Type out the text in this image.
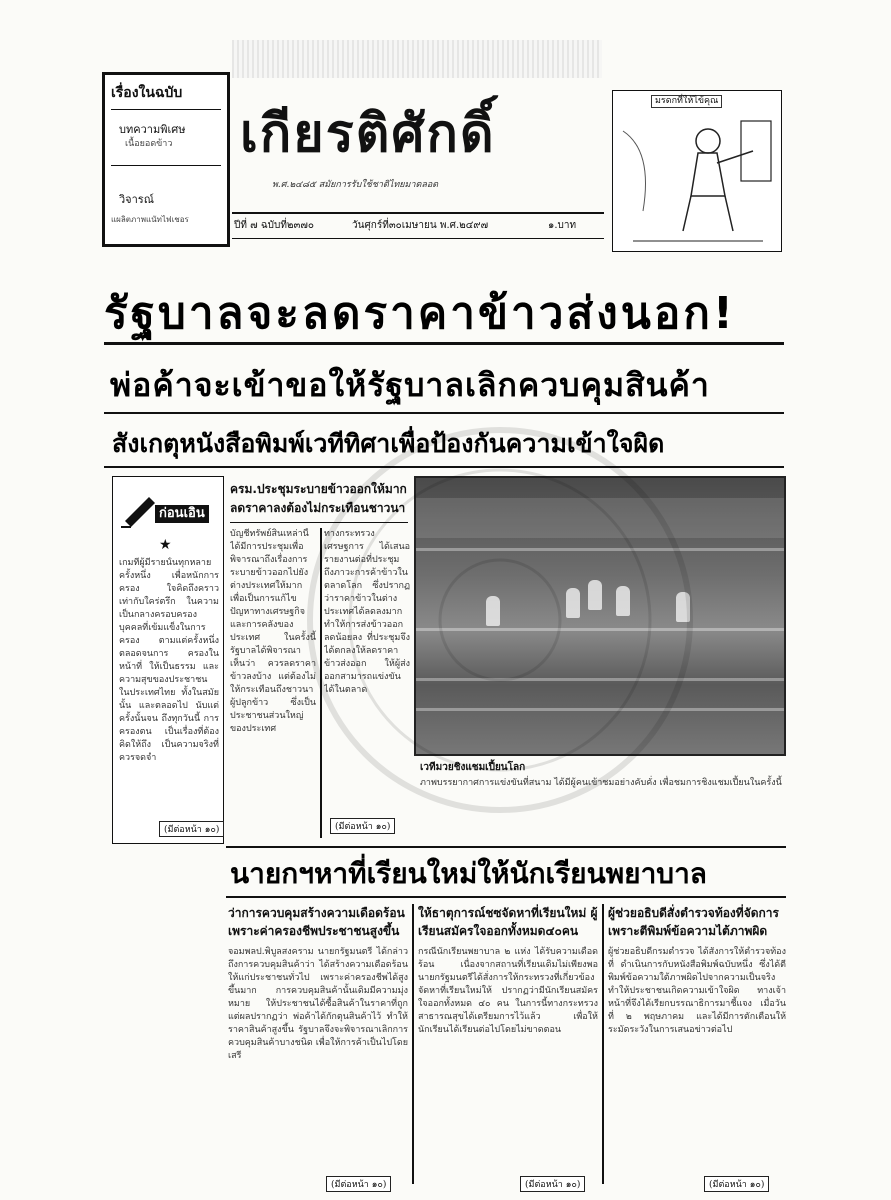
เรื่องในฉบับ
บทความพิเศษ
เนื้อยอดข้าว
วิจารณ์
แผลิตภาพแนัทไฟเชอร
เกียรติศักดิ์
พ.ศ.๒๔๘๕ สมัยการรับใช้ชาติไทยมาตลอด
ปีที่ ๗ ฉบับที่๒๓๗๐	วันศุกร์ที่๓๐เมษายน พ.ศ.๒๔๙๗	๑.บาท
มรดกที่ให้ไข้คุณ
รัฐบาลจะลดราคาข้าวส่งนอก!
พ่อค้าจะเข้าขอให้รัฐบาลเลิกควบคุมสินค้า
สังเกตุหนังสือพิมพ์เวทีทิศาเพื่อป้องกันความเข้าใจผิด
ก่อนเอิน
★
เกมที่ผู้มีรายนั้นทุกหลาย ครั้งหนึ่ง เพื่อหนักการครอง ใจคิดถึงคราว เท่ากับใคร่ตรึก ในความ เป็นกลางครอบครอง บุคคลที่เข้มแข็งในการครอง ตามแต่ครั้งหนึ่ง ตลอดจนการ ครองในหน้าที่ ให้เป็นธรรม และความสุขของประชาชน ในประเทศไทย ทั้งในสมัยนั้น และตลอดไป นับแต่ครั้งนั้นจน ถึงทุกวันนี้ การครองตน เป็นเรื่องที่ต้องคิดให้ถึง เป็นความจริงที่ควรจดจำ
(มีต่อหน้า ๑๐)
ครม.ประชุมระบายข้าวออกให้มาก ลดราคาลงต้องไม่กระเทือนชาวนา
บัญชีทรัพย์สินเหล่านี้ ได้มีการประชุมเพื่อพิจารณาถึงเรื่องการระบายข้าวออกไปยังต่างประเทศให้มาก เพื่อเป็นการแก้ไขปัญหาทางเศรษฐกิจ และการคลังของประเทศ ในครั้งนี้ รัฐบาลได้พิจารณาเห็นว่า ควรลดราคาข้าวลงบ้าง แต่ต้องไม่ให้กระเทือนถึงชาวนา ผู้ปลูกข้าว ซึ่งเป็นประชาชนส่วนใหญ่ของประเทศ
ทางกระทรวงเศรษฐการ ได้เสนอรายงานต่อที่ประชุม ถึงภาวะการค้าข้าวในตลาดโลก ซึ่งปรากฏว่าราคาข้าวในต่างประเทศได้ลดลงมาก ทำให้การส่งข้าวออกลดน้อยลง ที่ประชุมจึงได้ตกลงให้ลดราคาข้าวส่งออก ให้ผู้ส่งออกสามารถแข่งขันได้ในตลาด
(มีต่อหน้า ๑๐)
เวทีมวยชิงแชมเปี้ยนโลก
ภาพบรรยากาศการแข่งขันที่สนาม ได้มีผู้คนเข้าชมอย่างคับคั่ง เพื่อชมการชิงแชมเปี้ยนในครั้งนี้
นายกฯหาที่เรียนใหม่ให้นักเรียนพยาบาล
ว่าการควบคุมสร้างความเดือดร้อน เพราะค่าครองชีพประชาชนสูงขึ้น
จอมพลป.พิบูลสงคราม นายกรัฐมนตรี ได้กล่าวถึงการควบคุมสินค้าว่า ได้สร้างความเดือดร้อนให้แก่ประชาชนทั่วไป เพราะค่าครองชีพได้สูงขึ้นมาก การควบคุมสินค้านั้นเดิมมีความมุ่งหมาย ให้ประชาชนได้ซื้อสินค้าในราคาที่ถูก แต่ผลปรากฏว่า พ่อค้าได้กักตุนสินค้าไว้ ทำให้ราคาสินค้าสูงขึ้น รัฐบาลจึงจะพิจารณาเลิกการควบคุมสินค้าบางชนิด เพื่อให้การค้าเป็นไปโดยเสรี
(มีต่อหน้า ๑๐)
ให้ธาตุการณ์ชซจัดหาที่เรียนใหม่ ผู้เรียนสมัครใจออกทั้งหมด๔๐คน
กรณีนักเรียนพยาบาล ๒ แห่ง ได้รับความเดือดร้อน เนื่องจากสถานที่เรียนเดิมไม่เพียงพอ นายกรัฐมนตรีได้สั่งการให้กระทรวงที่เกี่ยวข้องจัดหาที่เรียนใหม่ให้ ปรากฏว่ามีนักเรียนสมัครใจออกทั้งหมด ๔๐ คน ในการนี้ทางกระทรวงสาธารณสุขได้เตรียมการไว้แล้ว เพื่อให้นักเรียนได้เรียนต่อไปโดยไม่ขาดตอน
(มีต่อหน้า ๑๐)
ผู้ช่วยอธิบดีสั่งตำรวจท้องที่จัดการ เพราะตีพิมพ์ข้อความไต้ภาพผิด
ผู้ช่วยอธิบดีกรมตำรวจ ได้สั่งการให้ตำรวจท้องที่ ดำเนินการกับหนังสือพิมพ์ฉบับหนึ่ง ซึ่งได้ตีพิมพ์ข้อความใต้ภาพผิดไปจากความเป็นจริง ทำให้ประชาชนเกิดความเข้าใจผิด ทางเจ้าหน้าที่จึงได้เรียกบรรณาธิการมาชี้แจง เมื่อวันที่ ๒ พฤษภาคม และได้มีการตักเตือนให้ระมัดระวังในการเสนอข่าวต่อไป
(มีต่อหน้า ๑๐)
